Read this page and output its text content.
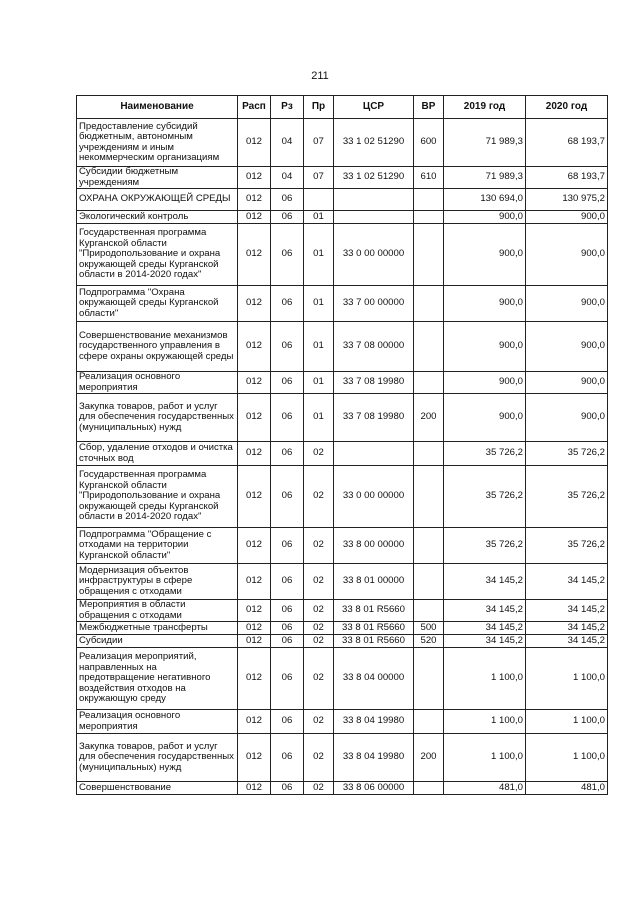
211
Наименование	Расп	Рз	Пр	ЦСР	ВР	2019 год	2020 год
Предоставление субсидий бюджетным, автономным учреждениям и иным некоммерческим организациям	012	04	07	33 1 02 51290	600	71 989,3	68 193,7
Субсидии бюджетным учреждениям	012	04	07	33 1 02 51290	610	71 989,3	68 193,7
ОХРАНА ОКРУЖАЮЩЕЙ СРЕДЫ	012	06				130 694,0	130 975,2
Экологический контроль	012	06	01			900,0	900,0
Государственная программа Курганской области "Природопользование и охрана окружающей среды Курганской области в 2014-2020 годах"	012	06	01	33 0 00 00000		900,0	900,0
Подпрограмма "Охрана окружающей среды Курганской области"	012	06	01	33 7 00 00000		900,0	900,0
Совершенствование механизмов государственного управления в сфере охраны окружающей среды	012	06	01	33 7 08 00000		900,0	900,0
Реализация основного мероприятия	012	06	01	33 7 08 19980		900,0	900,0
Закупка товаров, работ и услуг для обеспечения государственных (муниципальных) нужд	012	06	01	33 7 08 19980	200	900,0	900,0
Сбор, удаление отходов и очистка сточных вод	012	06	02			35 726,2	35 726,2
Государственная программа Курганской области "Природопользование и охрана окружающей среды Курганской области в 2014-2020 годах"	012	06	02	33 0 00 00000		35 726,2	35 726,2
Подпрограмма "Обращение с отходами на территории Курганской области"	012	06	02	33 8 00 00000		35 726,2	35 726,2
Модернизация объектов инфраструктуры в сфере обращения с отходами	012	06	02	33 8 01 00000		34 145,2	34 145,2
Мероприятия в области обращения с отходами	012	06	02	33 8 01 R5660		34 145,2	34 145,2
Межбюджетные трансферты	012	06	02	33 8 01 R5660	500	34 145,2	34 145,2
Субсидии	012	06	02	33 8 01 R5660	520	34 145,2	34 145,2
Реализация мероприятий, направленных на предотвращение негативного воздействия отходов на окружающую среду	012	06	02	33 8 04 00000		1 100,0	1 100,0
Реализация основного мероприятия	012	06	02	33 8 04 19980		1 100,0	1 100,0
Закупка товаров, работ и услуг для обеспечения государственных (муниципальных) нужд	012	06	02	33 8 04 19980	200	1 100,0	1 100,0
Совершенствование	012	06	02	33 8 06 00000		481,0	481,0
